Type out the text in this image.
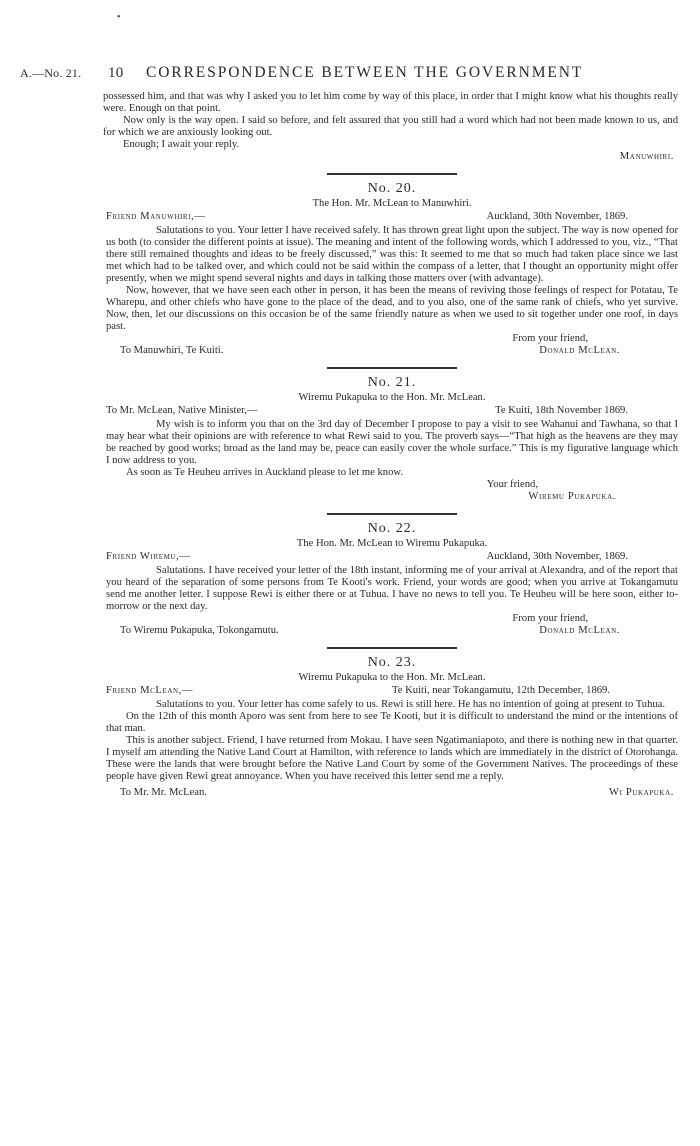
•
A.—No. 21. 10 CORRESPONDENCE BETWEEN THE GOVERNMENT

possessed him, and that was why I asked you to let him come by way of this place, in order that I might know what his thoughts really were. Enough on that point.

Now only is the way open. I said so before, and felt assured that you still had a word which had not been made known to us, and for which we are anxiously looking out.

Enough; I await your reply.

Manuwhiri.

No. 20.
The Hon. Mr. McLean to Manuwhiri.
Friend Manuwhiri,—	Auckland, 30th November, 1869.

Salutations to you. Your letter I have received safely. It has thrown great light upon the subject. The way is now opened for us both (to consider the different points at issue). The meaning and intent of the following words, which I addressed to you, viz., “That there still remained thoughts and ideas to be freely discussed,” was this: It seemed to me that so much had taken place since we last met which had to be talked over, and which could not be said within the compass of a letter, that I thought an opportunity might offer presently, when we might spend several nights and days in talking those matters over (with advantage).

Now, however, that we have seen each other in person, it has been the means of reviving those feelings of respect for Potatau, Te Wharepu, and other chiefs who have gone to the place of the dead, and to you also, one of the same rank of chiefs, who yet survive. Now, then, let our discussions on this occasion be of the same friendly nature as when we used to sit together under one roof, in days past.

From your friend,
To Manuwhiri, Te Kuiti.	Donald McLean.
No. 21.
Wiremu Pukapuka to the Hon. Mr. McLean.
To Mr. McLean, Native Minister,—	Te Kuiti, 18th November 1869.

My wish is to inform you that on the 3rd day of December I propose to pay a visit to see Wahanui and Tawhana, so that I may hear what their opinions are with reference to what Rewi said to you. The proverb says—“That high as the heavens are they may be reached by good works; broad as the land may be, peace can easily cover the whole surface.” This is my figurative language which I now address to you.

As soon as Te Heuheu arrives in Auckland please to let me know.

Your friend,
Wiremu Pukapuka.
No. 22.
The Hon. Mr. McLean to Wiremu Pukapuka.
Friend Wiremu,—	Auckland, 30th November, 1869.

Salutations. I have received your letter of the 18th instant, informing me of your arrival at Alexandra, and of the report that you heard of the separation of some persons from Te Kooti's work. Friend, your words are good; when you arrive at Tokangamutu send me another letter. I suppose Rewi is either there or at Tuhua. I have no news to tell you. Te Heuheu will be here soon, either to-morrow or the next day.

From your friend,
To Wiremu Pukapuka, Tokongamutu.	Donald McLean.
No. 23.
Wiremu Pukapuka to the Hon. Mr. McLean.
Friend McLean,—	Te Kuiti, near Tokangamutu, 12th December, 1869.

Salutations to you. Your letter has come safely to us. Rewi is still here. He has no intention of going at present to Tuhua.

On the 12th of this month Aporo was sent from here to see Te Kooti, but it is difficult to understand the mind or the intentions of that man.

This is another subject. Friend, I have returned from Mokau. I have seen Ngatimaniapoto, and there is nothing new in that quarter. I myself am attending the Native Land Court at Hamilton, with reference to lands which are immediately in the district of Otorohanga. These were the lands that were brought before the Native Land Court by some of the Government Natives. The proceedings of these people have given Rewi great annoyance. When you have received this letter send me a reply.

To Mr. Mr. McLean.	Wi Pukapuka.
